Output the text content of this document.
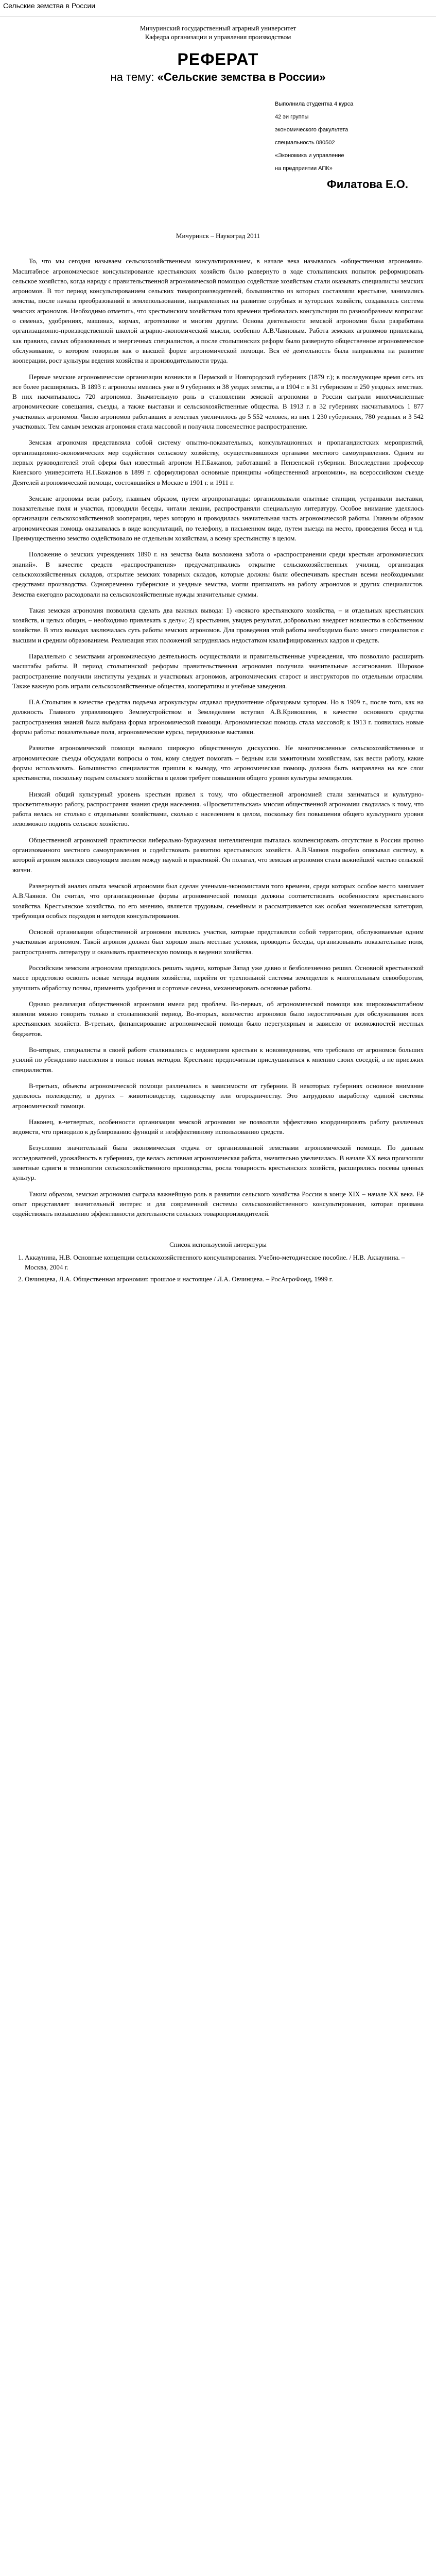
Сельские земства в России
Мичуринский государственный аграрный университет
Кафедра организации и управления производством
РЕФЕРАТ
на тему: «Сельские земства в России»
Выполнила студентка 4 курса
42 эи группы
экономического факультета
специальность 080502
«Экономика и управление
на предприятии АПК»
Филатова Е.О.
Мичуринск – Наукоград 2011

То, что мы сегодня называем сельскохозяйственным консультированием, в начале века называлось «общественная агрономия». Масштабное агрономическое консультирование крестьянских хозяйств было развернуто в ходе столыпинских попыток реформировать сельское хозяйство, когда наряду с правительственной агрономической помощью содействие хозяйствам стали оказывать специалисты земских агрономов. В тот период консультированием сельских товаропроизводителей, большинство из которых составляли крестьяне, занимались земства, после начала преобразований в землепользовании, направленных на развитие отрубных и хуторских хозяйств, создавалась система земских агрономов. Необходимо отметить, что крестьянским хозяйствам того времени требовались консультации по разнообразным вопросам: о семенах, удобрениях, машинах, кормах, агротехнике и многим другим. Основа деятельности земской агрономии была разработана организационно-производственной школой аграрно-экономической мысли, особенно А.В.Чаяновым. Работа земских агрономов привлекала, как правило, самых образованных и энергичных специалистов, а после столыпинских реформ было развернуто общественное агрономическое обслуживание, о котором говорили как о высшей форме агрономической помощи. Вся её деятельность была направлена на развитие кооперации, рост культуры ведения хозяйства и производительности труда.

Первые земские агрономические организации возникли в Пермской и Новгородской губерниях (1879 г.); в последующее время сеть их все более расширялась. В 1893 г. агрономы имелись уже в 9 губерниях и 38 уездах земства, а в 1904 г. в 31 губернском и 250 уездных земствах. В них насчитывалось 720 агрономов. Значительную роль в становлении земской агрономии в России сыграли многочисленные агрономические совещания, съезды, а также выставки и сельскохозяйственные общества. В 1913 г. в 32 губерниях насчитывалось 1 877 участковых агрономов. Число агрономов работавших в земствах увеличилось до 5 552 человек, из них 1 230 губернских, 780 уездных и 3 542 участковых. Тем самым земская агрономия стала массовой и получила повсеместное распространение.

Земская агрономия представляла собой систему опытно-показательных, консультационных и пропагандистских мероприятий, организационно-экономических мер содействия сельскому хозяйству, осуществлявшихся органами местного самоуправления. Одним из первых руководителей этой сферы был известный агроном Н.Г.Бажанов, работавший в Пензенской губернии. Впоследствии профессор Киевского университета Н.Г.Бажанов в 1899 г. сформулировал основные принципы «общественной агрономии», на всероссийском съезде Деятелей агрономической помощи, состоявшийся в Москве в 1901 г. и 1911 г.

Земские агрономы вели работу, главным образом, путем агропропаганды: организовывали опытные станции, устраивали выставки, показательные поля и участки, проводили беседы, читали лекции, распространяли специальную литературу. Особое внимание уделялось организации сельскохозяйственной кооперации, через которую и проводилась значительная часть агрономической работы. Главным образом агрономическая помощь оказывалась в виде консультаций, по телефону, в письменном виде, путем выезда на место, проведения бесед и т.д. Преимущественно земство содействовало не отдельным хозяйствам, а всему крестьянству в целом.

Положение о земских учреждениях 1890 г. на земства была возложена забота о «распространении среди крестьян агрономических знаний». В качестве средств «распространения» предусматривались открытие сельскохозяйственных училищ, организация сельскохозяйственных складов, открытие земских товарных складов, которые должны были обеспечивать крестьян всеми необходимыми средствами производства. Одновременно губернские и уездные земства, могли приглашать на работу агрономов и других специалистов. Земства ежегодно расходовали на сельскохозяйственные нужды значительные суммы.

Такая земская агрономия позволила сделать два важных вывода: 1) «всякого крестьянского хозяйства, – и отдельных крестьянских хозяйств, и целых общин, – необходимо привлекать к делу»; 2) крестьянин, увидев результат, добровольно внедряет новшество в собственном хозяйстве. В этих выводах заключалась суть работы земских агрономов. Для проведения этой работы необходимо было много специалистов с высшим и средним образованием. Реализация этих положений затруднялась недостатком квалифицированных кадров и средств.

Параллельно с земствами агрономическую деятельность осуществляли и правительственные учреждения, что позволило расширить масштабы работы. В период столыпинской реформы правительственная агрономия получила значительные ассигнования. Широкое распространение получили институты уездных и участковых агрономов, агрономических старост и инструкторов по отдельным отраслям. Также важную роль играли сельскохозяйственные общества, кооперативы и учебные заведения.

П.А.Столыпин в качестве средства подъема агрокультуры отдавал предпочтение образцовым хуторам. Но в 1909 г., после того, как на должность Главного управляющего Землеустройством и Земледелием вступил А.В.Кривошеин, в качестве основного средства распространения знаний была выбрана форма агрономической помощи. Агрономическая помощь стала массовой; к 1913 г. появились новые формы работы: показательные поля, агрономические курсы, передвижные выставки.

Развитие агрономической помощи вызвало широкую общественную дискуссию. Не многочисленные сельскохозяйственные и агрономические съезды обсуждали вопросы о том, кому следует помогать – бедным или зажиточным хозяйствам, как вести работу, какие формы использовать. Большинство специалистов пришли к выводу, что агрономическая помощь должна быть направлена на все слои крестьянства, поскольку подъем сельского хозяйства в целом требует повышения общего уровня культуры земледелия.

Низкий общий культурный уровень крестьян привел к тому, что общественной агрономией стали заниматься и культурно-просветительную работу, распространяя знания среди населения. «Просветительская» миссия общественной агрономии сводилась к тому, что работа велась не столько с отдельными хозяйствами, сколько с населением в целом, поскольку без повышения общего культурного уровня невозможно поднять сельское хозяйство.

Общественной агрономией практически либерально-буржуазная интеллигенция пыталась компенсировать отсутствие в России прочно организованного местного самоуправления и содействовать развитию крестьянских хозяйств. А.В.Чаянов подробно описывал систему, в которой агроном являлся связующим звеном между наукой и практикой. Он полагал, что земская агрономия стала важнейшей частью сельской жизни.

Развернутый анализ опыта земской агрономии был сделан учеными-экономистами того времени, среди которых особое место занимает А.В.Чаянов. Он считал, что организационные формы агрономической помощи должны соответствовать особенностям крестьянского хозяйства. Крестьянское хозяйство, по его мнению, является трудовым, семейным и рассматривается как особая экономическая категория, требующая особых подходов и методов консультирования.

Основой организации общественной агрономии являлись участки, которые представляли собой территории, обслуживаемые одним участковым агрономом. Такой агроном должен был хорошо знать местные условия, проводить беседы, организовывать показательные поля, распространять литературу и оказывать практическую помощь в ведении хозяйства.

Российским земским агрономам приходилось решать задачи, которые Запад уже давно и безболезненно решил. Основной крестьянской массе предстояло освоить новые методы ведения хозяйства, перейти от трехпольной системы земледелия к многопольным севооборотам, улучшить обработку почвы, применять удобрения и сортовые семена, механизировать основные работы.

Однако реализация общественной агрономии имела ряд проблем. Во-первых, об агрономической помощи как широкомасштабном явлении можно говорить только в столыпинский период. Во-вторых, количество агрономов было недостаточным для обслуживания всех крестьянских хозяйств. В-третьих, финансирование агрономической помощи было нерегулярным и зависело от возможностей местных бюджетов.

Во-вторых, специалисты в своей работе сталкивались с недоверием крестьян к нововведениям, что требовало от агрономов больших усилий по убеждению населения в пользе новых методов. Крестьяне предпочитали прислушиваться к мнению своих соседей, а не приезжих специалистов.

В-третьих, объекты агрономической помощи различались в зависимости от губернии. В некоторых губерниях основное внимание уделялось полеводству, в других – животноводству, садоводству или огородничеству. Это затрудняло выработку единой системы агрономической помощи.

Наконец, в-четвертых, особенности организации земской агрономии не позволяли эффективно координировать работу различных ведомств, что приводило к дублированию функций и неэффективному использованию средств.

Безусловно значительный была экономическая отдача от организованной земствами агрономической помощи. По данным исследователей, урожайность в губерниях, где велась активная агрономическая работа, значительно увеличилась. В начале XX века произошли заметные сдвиги в технологии сельскохозяйственного производства, росла товарность крестьянских хозяйств, расширялись посевы ценных культур.

Таким образом, земская агрономия сыграла важнейшую роль в развитии сельского хозяйства России в конце XIX – начале XX века. Её опыт представляет значительный интерес и для современной системы сельскохозяйственного консультирования, которая призвана содействовать повышению эффективности деятельности сельских товаропроизводителей.

Список используемой литературы
1. Аккаунина, Н.В. Основные концепции сельскохозяйственного консультирования. Учебно-методическое пособие. / Н.В. Аккаунина. – Москва, 2004 г.
2. Овчинцева, Л.А. Общественная агрономия: прошлое и настоящее / Л.А. Овчинцева. – РосАгроФонд, 1999 г.
